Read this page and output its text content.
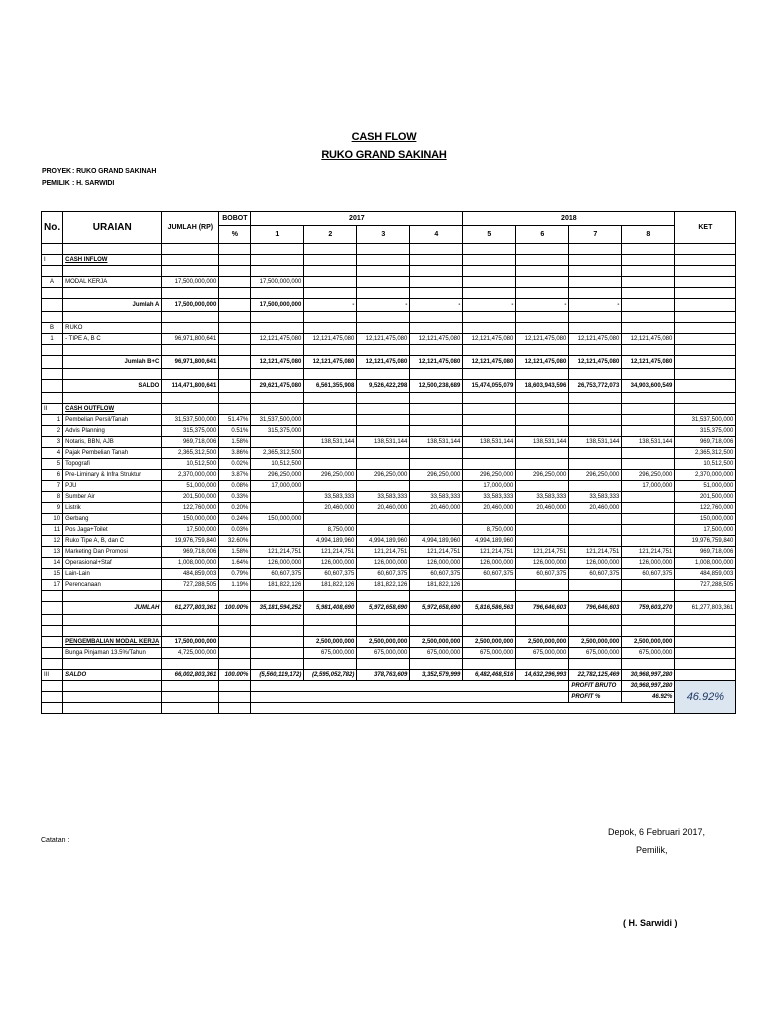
CASH FLOW
RUKO GRAND SAKINAH
PROYEK: RUKO GRAND SAKINAH
PEMILIK : H. SARWIDI
No.	URAIAN	JUMLAH (RP)	BOBOT	2017				2018				KET
			%	1	2	3	4	5	6	7	8	

I	CASH INFLOW											

A	MODAL KERJA	17,500,000,000		17,500,000,000								

	Jumlah A	17,500,000,000		17,500,000,000	-	-	-	-	-	-		

B	RUKO											
1	- TIPE A, B C	96,971,800,641		12,121,475,080	12,121,475,080	12,121,475,080	12,121,475,080	12,121,475,080	12,121,475,080	12,121,475,080	12,121,475,080	

	Jumlah B+C	96,971,800,641		12,121,475,080	12,121,475,080	12,121,475,080	12,121,475,080	12,121,475,080	12,121,475,080	12,121,475,080	12,121,475,080	

	SALDO	114,471,800,641		29,621,475,080	6,561,355,908	9,526,422,298	12,500,238,689	15,474,055,079	18,603,943,596	26,753,772,073	34,903,600,549	

II	CASH OUTFLOW											
1	Pembelian Persil/Tanah	31,537,500,000	51.47%	31,537,500,000								31,537,500,000
2	Advis Planning	315,375,000	0.51%	315,375,000								315,375,000
3	Notaris, BBN, AJB	969,718,006	1.58%		138,531,144	138,531,144	138,531,144	138,531,144	138,531,144	138,531,144	138,531,144	969,718,006
4	Pajak Pembelian Tanah	2,365,312,500	3.86%	2,365,312,500								2,365,312,500
5	Topografi	10,512,500	0.02%	10,512,500								10,512,500
6	Pre-Liminary & Infra Struktur	2,370,000,000	3.87%	296,250,000	296,250,000	296,250,000	296,250,000	296,250,000	296,250,000	296,250,000	296,250,000	2,370,000,000
7	PJU	51,000,000	0.08%	17,000,000				17,000,000			17,000,000	51,000,000
8	Sumber Air	201,500,000	0.33%		33,583,333	33,583,333	33,583,333	33,583,333	33,583,333	33,583,333		201,500,000
9	Listrik	122,760,000	0.20%		20,460,000	20,460,000	20,460,000	20,460,000	20,460,000	20,460,000		122,760,000
10	Gerbang	150,000,000	0.24%	150,000,000								150,000,000
11	Pos Jaga+Toilet	17,500,000	0.03%		8,750,000			8,750,000				17,500,000
12	Ruko Tipe A, B, dan C	19,976,759,840	32.60%		4,994,189,960	4,994,189,960	4,994,189,960	4,994,189,960				19,976,759,840
13	Marketing Dan Promosi	969,718,006	1.58%	121,214,751	121,214,751	121,214,751	121,214,751	121,214,751	121,214,751	121,214,751	121,214,751	969,718,006
14	Operasional+Staf	1,008,000,000	1.64%	126,000,000	126,000,000	126,000,000	126,000,000	126,000,000	126,000,000	126,000,000	126,000,000	1,008,000,000
15	Lain-Lain	484,859,003	0.79%	60,607,375	60,607,375	60,607,375	60,607,375	60,607,375	60,607,375	60,607,375	60,607,375	484,859,003
17	Perencanaan	727,288,505	1.19%	181,822,126	181,822,126	181,822,126	181,822,126					727,288,505

	JUMLAH	61,277,803,361	100.00%	35,181,594,252	5,981,408,690	5,972,658,690	5,972,658,690	5,816,586,563	796,646,603	796,646,603	759,603,270	61,277,803,361

	PENGEMBALIAN MODAL KERJA	17,500,000,000			2,500,000,000	2,500,000,000	2,500,000,000	2,500,000,000	2,500,000,000	2,500,000,000	2,500,000,000	
	Bunga Pinjaman 13.5%/Tahun	4,725,000,000			675,000,000	675,000,000	675,000,000	675,000,000	675,000,000	675,000,000	675,000,000	

III	SALDO	66,002,803,361	100.00%	(5,560,119,172)	(2,595,052,782)	378,763,609	3,352,579,999	6,482,468,516	14,632,296,993	22,782,125,469	30,968,997,280	
										PROFIT BRUTO	30,968,997,280	46.92%
										PROFIT %	46.92%	

Catatan :
Depok, 6 Februari 2017,
Pemilik,
( H. Sarwidi )
